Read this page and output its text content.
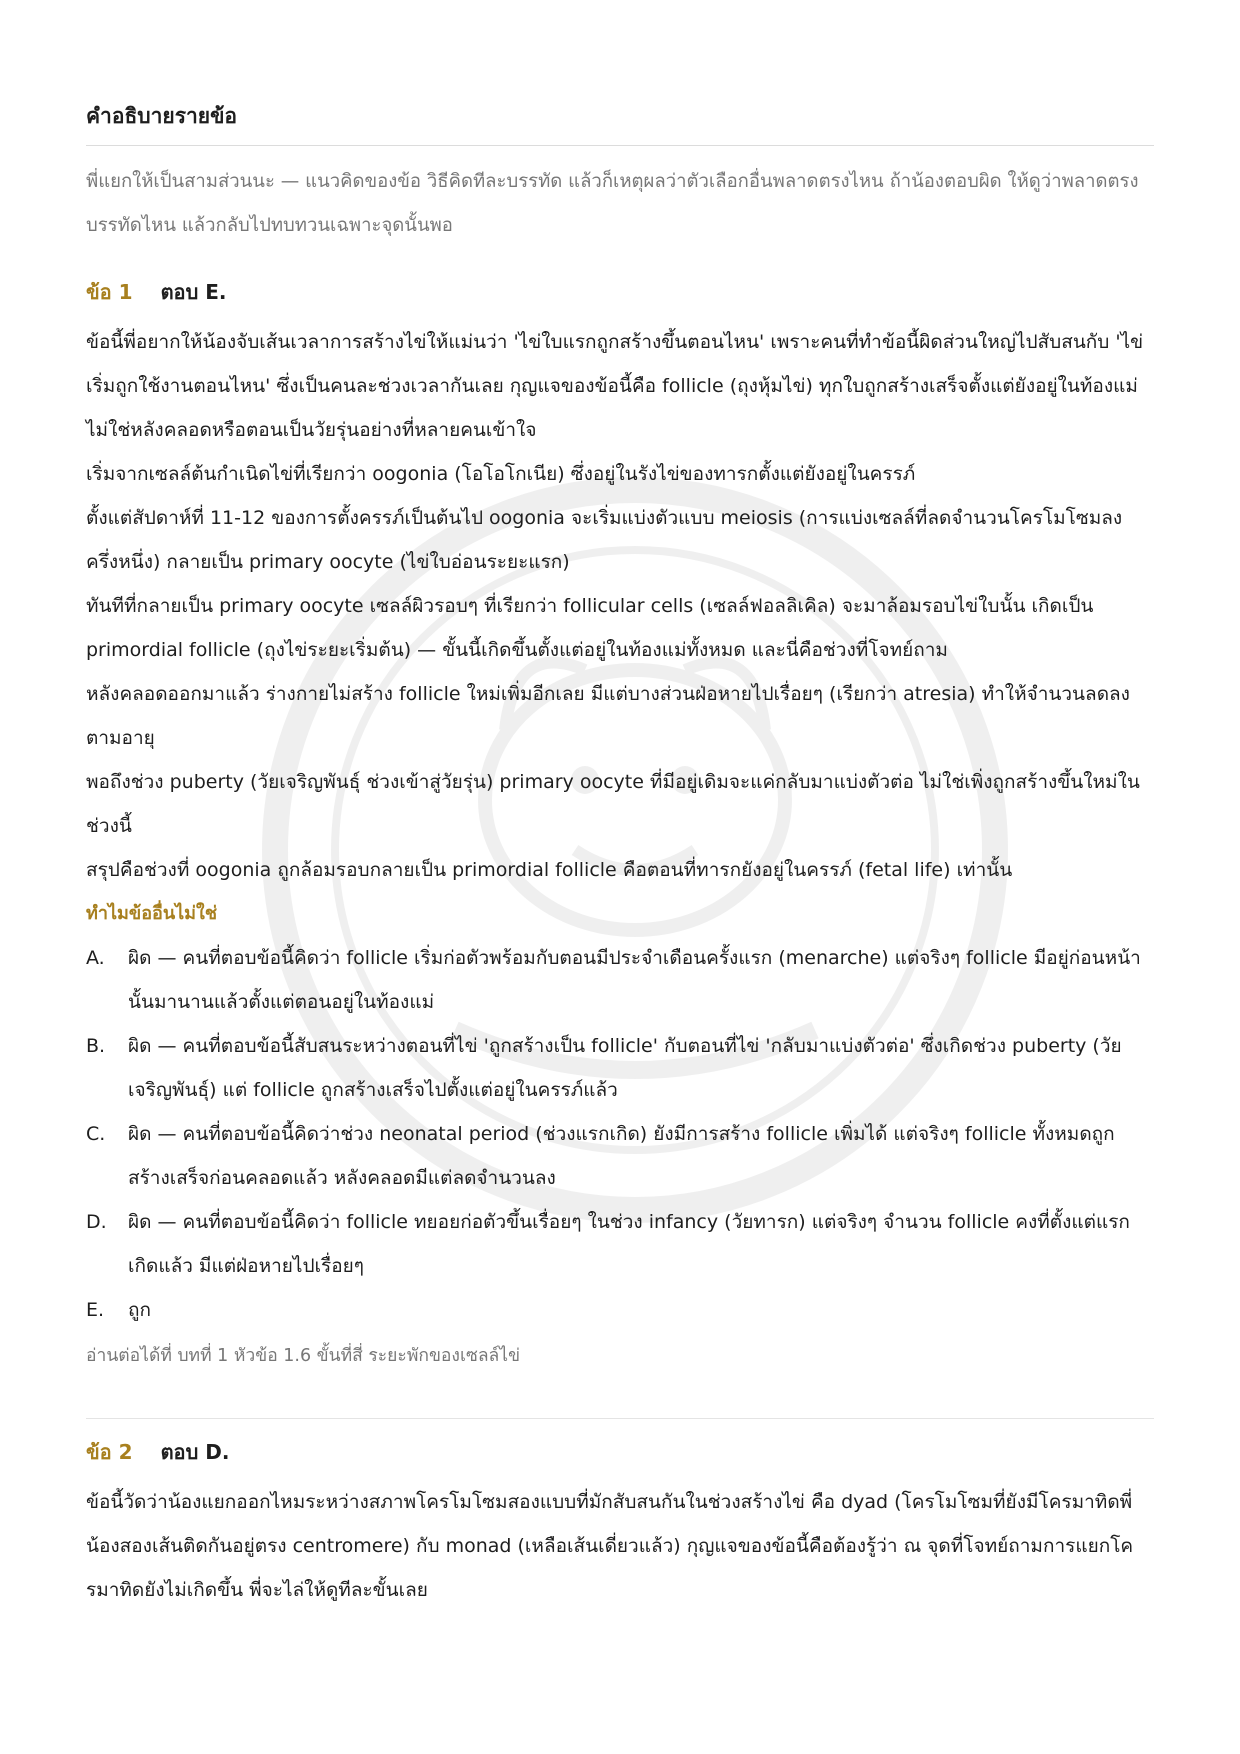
คำอธิบายรายข้อ

พี่แยกให้เป็นสามส่วนนะ — แนวคิดของข้อ วิธีคิดทีละบรรทัด แล้วก็เหตุผลว่าตัวเลือกอื่นพลาดตรงไหน ถ้าน้องตอบผิด ให้ดูว่าพลาดตรงบรรทัดไหน แล้วกลับไปทบทวนเฉพาะจุดนั้นพอ

ข้อ 1 ตอบ E.

ข้อนี้พี่อยากให้น้องจับเส้นเวลาการสร้างไข่ให้แม่นว่า 'ไข่ใบแรกถูกสร้างขึ้นตอนไหน' เพราะคนที่ทำข้อนี้ผิดส่วนใหญ่ไปสับสนกับ 'ไข่เริ่มถูกใช้งานตอนไหน' ซึ่งเป็นคนละช่วงเวลากันเลย กุญแจของข้อนี้คือ follicle (ถุงหุ้มไข่) ทุกใบถูกสร้างเสร็จตั้งแต่ยังอยู่ในท้องแม่ ไม่ใช่หลังคลอดหรือตอนเป็นวัยรุ่นอย่างที่หลายคนเข้าใจ

เริ่มจากเซลล์ต้นกำเนิดไข่ที่เรียกว่า oogonia (โอโอโกเนีย) ซึ่งอยู่ในรังไข่ของทารกตั้งแต่ยังอยู่ในครรภ์

ตั้งแต่สัปดาห์ที่ 11-12 ของการตั้งครรภ์เป็นต้นไป oogonia จะเริ่มแบ่งตัวแบบ meiosis (การแบ่งเซลล์ที่ลดจำนวนโครโมโซมลงครึ่งหนึ่ง) กลายเป็น primary oocyte (ไข่ใบอ่อนระยะแรก)

ทันทีที่กลายเป็น primary oocyte เซลล์ผิวรอบๆ ที่เรียกว่า follicular cells (เซลล์ฟอลลิเคิล) จะมาล้อมรอบไข่ใบนั้น เกิดเป็น primordial follicle (ถุงไข่ระยะเริ่มต้น) — ขั้นนี้เกิดขึ้นตั้งแต่อยู่ในท้องแม่ทั้งหมด และนี่คือช่วงที่โจทย์ถาม

หลังคลอดออกมาแล้ว ร่างกายไม่สร้าง follicle ใหม่เพิ่มอีกเลย มีแต่บางส่วนฝ่อหายไปเรื่อยๆ (เรียกว่า atresia) ทำให้จำนวนลดลงตามอายุ

พอถึงช่วง puberty (วัยเจริญพันธุ์ ช่วงเข้าสู่วัยรุ่น) primary oocyte ที่มีอยู่เดิมจะแค่กลับมาแบ่งตัวต่อ ไม่ใช่เพิ่งถูกสร้างขึ้นใหม่ในช่วงนี้

สรุปคือช่วงที่ oogonia ถูกล้อมรอบกลายเป็น primordial follicle คือตอนที่ทารกยังอยู่ในครรภ์ (fetal life) เท่านั้น

ทำไมข้ออื่นไม่ใช่

A.	ผิด — คนที่ตอบข้อนี้คิดว่า follicle เริ่มก่อตัวพร้อมกับตอนมีประจำเดือนครั้งแรก (menarche) แต่จริงๆ follicle มีอยู่ก่อนหน้านั้นมานานแล้วตั้งแต่ตอนอยู่ในท้องแม่
B.	ผิด — คนที่ตอบข้อนี้สับสนระหว่างตอนที่ไข่ 'ถูกสร้างเป็น follicle' กับตอนที่ไข่ 'กลับมาแบ่งตัวต่อ' ซึ่งเกิดช่วง puberty (วัยเจริญพันธุ์) แต่ follicle ถูกสร้างเสร็จไปตั้งแต่อยู่ในครรภ์แล้ว
C.	ผิด — คนที่ตอบข้อนี้คิดว่าช่วง neonatal period (ช่วงแรกเกิด) ยังมีการสร้าง follicle เพิ่มได้ แต่จริงๆ follicle ทั้งหมดถูกสร้างเสร็จก่อนคลอดแล้ว หลังคลอดมีแต่ลดจำนวนลง
D.	ผิด — คนที่ตอบข้อนี้คิดว่า follicle ทยอยก่อตัวขึ้นเรื่อยๆ ในช่วง infancy (วัยทารก) แต่จริงๆ จำนวน follicle คงที่ตั้งแต่แรกเกิดแล้ว มีแต่ฝ่อหายไปเรื่อยๆ
E.	ถูก

อ่านต่อได้ที่ บทที่ 1 หัวข้อ 1.6 ขั้นที่สี่ ระยะพักของเซลล์ไข่

ข้อ 2 ตอบ D.

ข้อนี้วัดว่าน้องแยกออกไหมระหว่างสภาพโครโมโซมสองแบบที่มักสับสนกันในช่วงสร้างไข่ คือ dyad (โครโมโซมที่ยังมีโครมาทิดพี่น้องสองเส้นติดกันอยู่ตรง centromere) กับ monad (เหลือเส้นเดี่ยวแล้ว) กุญแจของข้อนี้คือต้องรู้ว่า ณ จุดที่โจทย์ถามการแยกโครมาทิดยังไม่เกิดขึ้น พี่จะไล่ให้ดูทีละขั้นเลย
